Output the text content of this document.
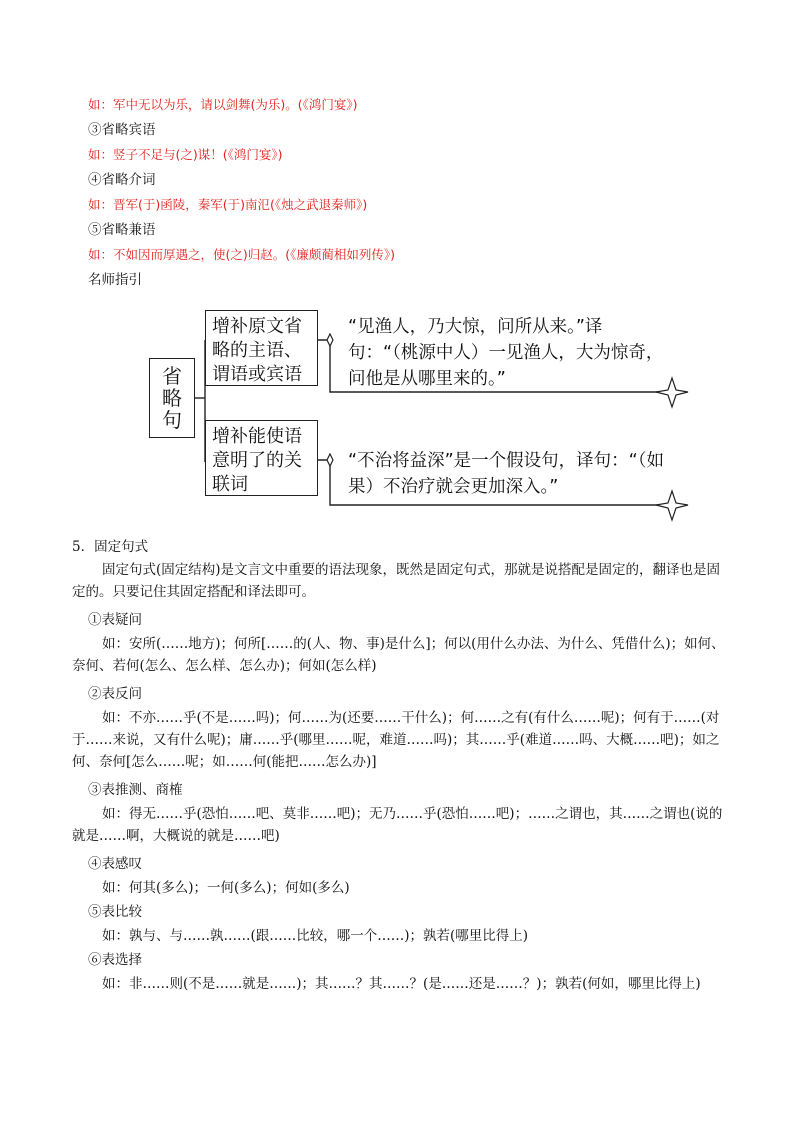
如：军中无以为乐，请以剑舞(为乐)。(《鸿门宴》)
③省略宾语
如：竖子不足与(之)谋！(《鸿门宴》)
④省略介词
如：晋军(于)函陵，秦军(于)南氾(《烛之武退秦师》)
⑤省略兼语
如：不如因而厚遇之，使(之)归赵。(《廉颇蔺相如列传》)
名师指引
省略句
增补原文省略的主语、谓语或宾语
增补能使语意明了的关联词
“见渔人，乃大惊，问所从来。”译句：“（桃源中人）一见渔人，大为惊奇，问他是从哪里来的。”
“不治将益深”是一个假设句，译句：“（如果）不治疗就会更加深入。”
5．固定句式
固定句式(固定结构)是文言文中重要的语法现象，既然是固定句式，那就是说搭配是固定的，翻译也是固定的。只要记住其固定搭配和译法即可。
①表疑问
如：安所(……地方)；何所[……的(人、物、事)是什么]；何以(用什么办法、为什么、凭借什么)；如何、奈何、若何(怎么、怎么样、怎么办)；何如(怎么样)
②表反问
如：不亦……乎(不是……吗)；何……为(还要……干什么)；何……之有(有什么……呢)；何有于……(对于……来说，又有什么呢)；庸……乎(哪里……呢，难道……吗)；其……乎(难道……吗、大概……吧)；如之何、奈何[怎么……呢；如……何(能把……怎么办)]
③表推测、商榷
如：得无……乎(恐怕……吧、莫非……吧)；无乃……乎(恐怕……吧)；……之谓也，其……之谓也(说的就是……啊，大概说的就是……吧)
④表感叹
如：何其(多么)；一何(多么)；何如(多么)
⑤表比较
如：孰与、与……孰……(跟……比较，哪一个……)；孰若(哪里比得上)
⑥表选择
如：非……则(不是……就是……)；其……？其……？(是……还是……？)；孰若(何如，哪里比得上)
